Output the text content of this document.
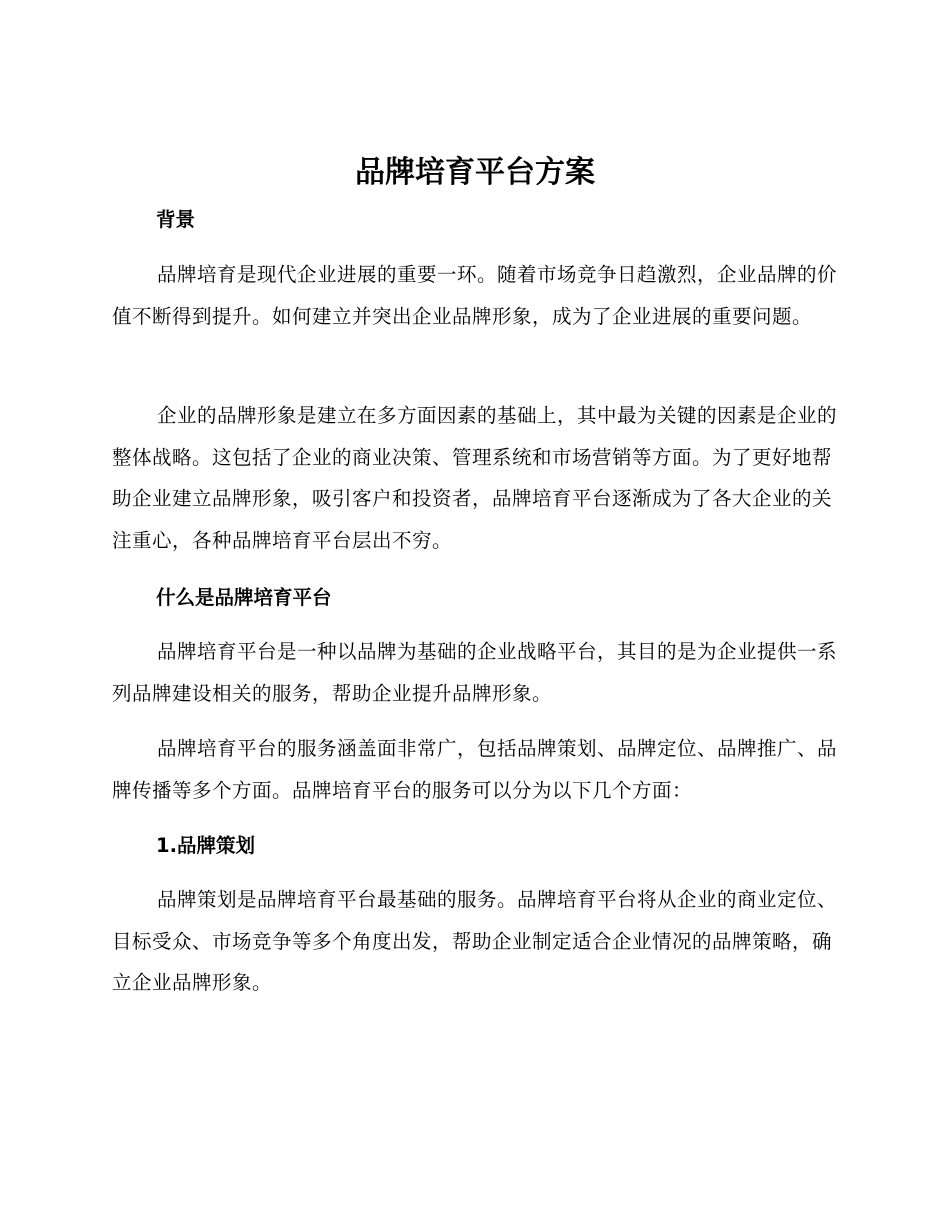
品牌培育平台方案
背景

品牌培育是现代企业进展的重要一环。随着市场竞争日趋激烈，企业品牌的价值不断得到提升。如何建立并突出企业品牌形象，成为了企业进展的重要问题。

企业的品牌形象是建立在多方面因素的基础上，其中最为关键的因素是企业的整体战略。这包括了企业的商业决策、管理系统和市场营销等方面。为了更好地帮助企业建立品牌形象，吸引客户和投资者，品牌培育平台逐渐成为了各大企业的关注重心，各种品牌培育平台层出不穷。

什么是品牌培育平台

品牌培育平台是一种以品牌为基础的企业战略平台，其目的是为企业提供一系列品牌建设相关的服务，帮助企业提升品牌形象。

品牌培育平台的服务涵盖面非常广，包括品牌策划、品牌定位、品牌推广、品牌传播等多个方面。品牌培育平台的服务可以分为以下几个方面：

1.品牌策划

品牌策划是品牌培育平台最基础的服务。品牌培育平台将从企业的商业定位、目标受众、市场竞争等多个角度出发，帮助企业制定适合企业情况的品牌策略，确立企业品牌形象。
